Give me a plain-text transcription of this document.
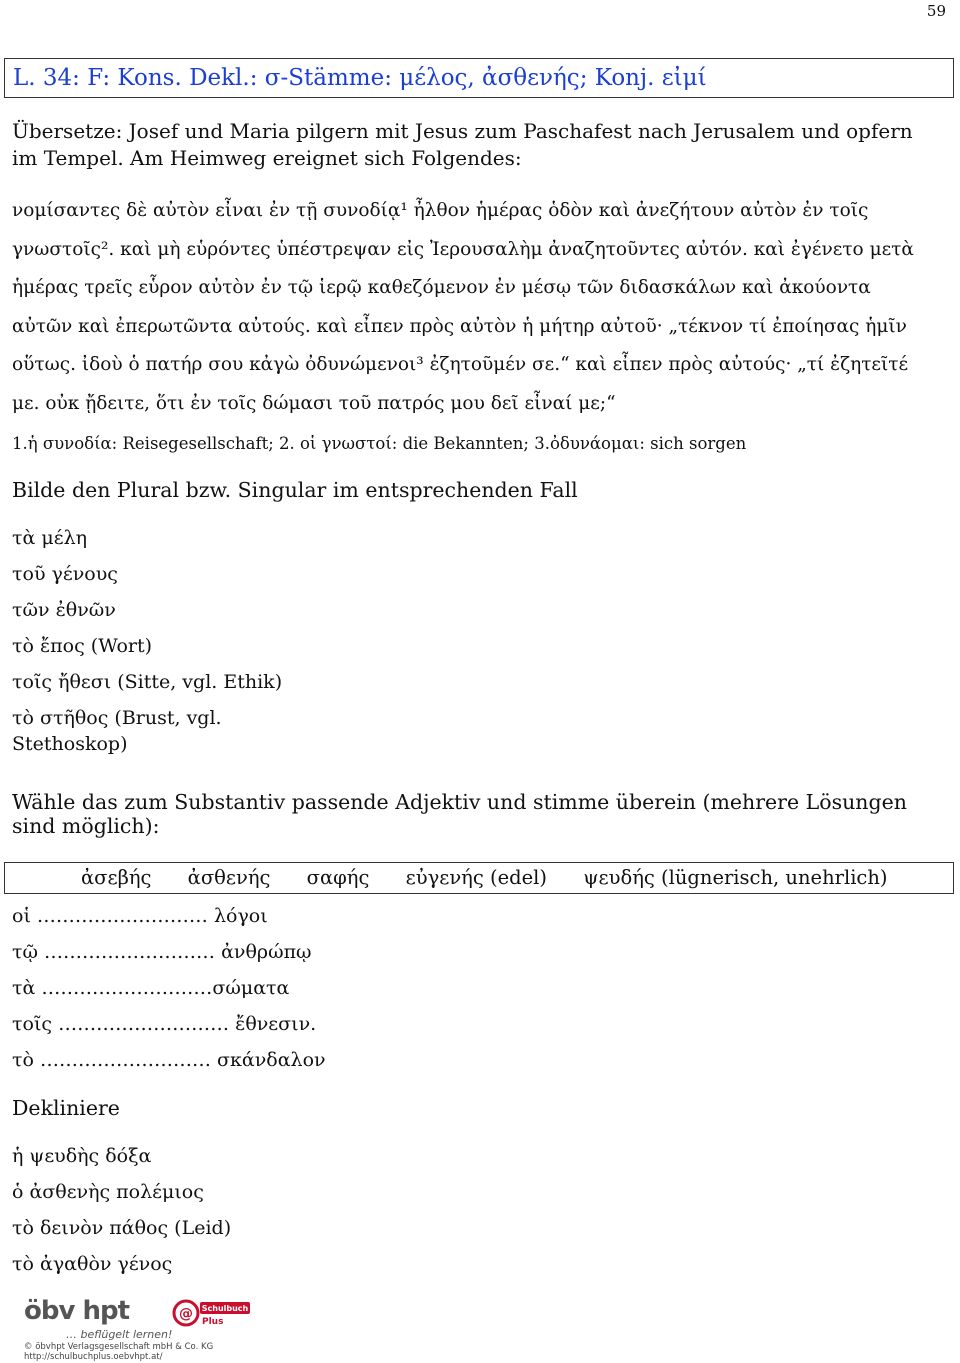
59
L. 34: F: Kons. Dekl.: σ-Stämme: μέλος, ἀσθενής; Konj. εἰμί
Übersetze: Josef und Maria pilgern mit Jesus zum Paschafest nach Jerusalem und opfern im Tempel. Am Heimweg ereignet sich Folgendes:
νομίσαντες δὲ αὐτὸν εἶναι ἐν τῇ συνοδίᾳ¹ ἦλθον ἡμέρας ὁδὸν καὶ ἀνεζήτουν αὐτὸν ἐν τοῖς
γνωστοῖς². καὶ μὴ εὑρόντες ὑπέστρεψαν εἰς Ἰερουσαλὴμ ἀναζητοῦντες αὐτόν. καὶ ἐγένετο μετὰ
ἡμέρας τρεῖς εὗρον αὐτὸν ἐν τῷ ἱερῷ καθεζόμενον ἐν μέσῳ τῶν διδασκάλων καὶ ἀκούοντα
αὐτῶν καὶ ἐπερωτῶντα αὐτούς. καὶ εἶπεν πρὸς αὐτὸν ἡ μήτηρ αὐτοῦ· „τέκνον τί ἐποίησας ἡμῖν
οὕτως. ἰδοὺ ὁ πατήρ σου κἀγὼ ὀδυνώμενοι³ ἐζητοῦμέν σε.“ καὶ εἶπεν πρὸς αὐτούς· „τί ἐζητεῖτέ
με. οὐκ ᾔδειτε, ὅτι ἐν τοῖς δώμασι τοῦ πατρός μου δεῖ εἶναί με;“
1.ἡ συνοδία: Reisegesellschaft; 2. οἱ γνωστοί: die Bekannten; 3.ὀδυνάομαι: sich sorgen
Bilde den Plural bzw. Singular im entsprechenden Fall
τὰ μέλη
τοῦ γένους
τῶν ἐθνῶν
τὸ ἔπος (Wort)
τοῖς ἤθεσι (Sitte, vgl. Ethik)
τὸ στῆθος (Brust, vgl.
Stethoskop)
Wähle das zum Substantiv passende Adjektiv und stimme überein (mehrere Lösungen sind möglich):
ἀσεβής ἀσθενής σαφής εὐγενής (edel) ψευδής (lügnerisch, unehrlich)
οἱ ……………………… λόγοι
τῷ ……………………… ἀνθρώπῳ
τὰ ………………………σώματα
τοῖς ……………………… ἔθνεσιν.
τὸ ……………………… σκάνδαλον
Dekliniere
ἡ ψευδὴς δόξα
ὁ ἀσθενὴς πολέμιος
τὸ δεινὸν πάθος (Leid)
τὸ ἀγαθὸν γένος
öbv hpt
… beflügelt lernen!
© öbvhpt Verlagsgesellschaft mbH & Co. KG
http://schulbuchplus.oebvhpt.at/
@ Schulbuch
Plus
